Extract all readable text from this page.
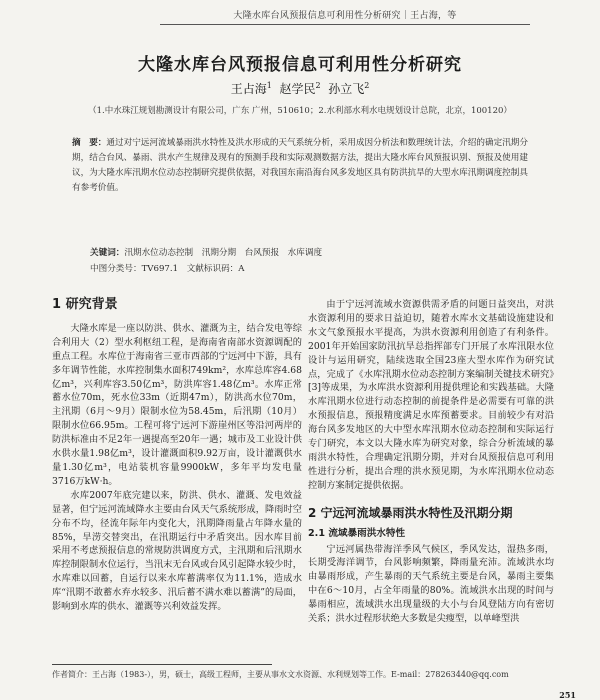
大隆水库台风预报信息可利用性分析研究｜王占海，等
大隆水库台风预报信息可利用性分析研究
王占海$^1$ 赵学民$^2$ 孙立飞$^2$
（1.中水珠江规划勘测设计有限公司，广东 广州，510610；2.水利部水利水电规划设计总院，北京，100120）
摘　要：通过对宁远河流域暴雨洪水特性及洪水形成的天气系统分析，采用成因分析法和数理统计法，介绍的确定汛期分期，结合台风、暴雨、洪水产生规律及现有的预测手段和实际观测数据方法，提出大隆水库台风预报识别、预报及使用建议，为大隆水库汛期水位动态控制研究提供依据，对我国东南沿海台风多发地区具有防洪抗旱的大型水库汛期调度控制具有参考价值。
关键词：汛期水位动态控制　汛期分期　台风预报　水库调度
中图分类号：TV697.1　文献标识码：A
1 研究背景

大隆水库是一座以防洪、供水、灌溉为主，结合发电等综合利用大（2）型水利枢纽工程，是海南省南部水资源调配的重点工程。水库位于海南省三亚市西部的宁远河中下游，具有多年调节性能，水库控制集水面积749km²，水库总库容4.68亿m³，兴利库容3.50亿m³，防洪库容1.48亿m³。水库正常蓄水位70m，死水位33m（近期47m），防洪高水位70m，主汛期（6月～9月）限制水位为58.45m，后汛期（10月）限制水位66.95m。工程可将宁远河下游崖州区等沿河两岸的防洪标准由不足2年一遇提高至20年一遇；城市及工业设计供水供水量1.98亿m³，设计灌溉面积9.92万亩，设计灌溉供水量1.30亿m³，电站装机容量9900kW，多年平均发电量3716万kW·h。

水库2007年底完建以来，防洪、供水、灌溉、发电效益显著，但宁远河流域降水主要由台风天气系统形成，降雨时空分布不均，径流年际年内变化大，汛期降雨量占年降水量的85%，旱涝交替突出，在汛期运行中矛盾突出。因水库目前采用不考虑预报信息的常规防洪调度方式，主汛期和后汛期水库控制限制水位运行，当汛末无台风或台风引起降水较少时，水库难以回蓄，自运行以来水库蓄满率仅为11.1%，造成水库“汛期不敢蓄水弃水较多、汛后蓄不满水难以蓄满”的局面，影响到水库的供水、灌溉等兴利效益发挥。

由于宁远河流域水资源供需矛盾的问题日益突出，对洪水资源利用的要求日益迫切，随着水库水文基础设施建设和水文气象预报水平提高，为洪水资源利用创造了有利条件。2001年开始国家防汛抗旱总指挥部专门开展了水库汛限水位设计与运用研究，陆续选取全国23座大型水库作为研究试点，完成了《水库汛期水位动态控制方案编制关键技术研究》[3]等成果，为水库洪水资源利用提供理论和实践基础。大隆水库汛期水位进行动态控制的前提条件是必需要有可靠的洪水预报信息，预报精度满足水库预蓄要求。目前较少有对沿海台风多发地区的大中型水库汛期水位动态控制和实际运行专门研究，本文以大隆水库为研究对象，综合分析流域的暴雨洪水特性，合理确定汛期分期，并对台风预报信息可利用性进行分析，提出合理的洪水预见期，为水库汛期水位动态控制方案制定提供依据。

2 宁远河流域暴雨洪水特性及汛期分期
2.1 流域暴雨洪水特性

宁远河属热带海洋季风气候区，季风发达，湿热多雨，长期受海洋调节，台风影响频繁，降雨量充沛。流域洪水均由暴雨形成，产生暴雨的天气系统主要是台风，暴雨主要集中在6～10月，占全年雨量的80%。流域洪水出现的时间与暴雨相应，流域洪水出现量级的大小与台风登陆方向有密切关系；洪水过程形状绝大多数是尖瘦型，以单峰型洪

作者简介：王占海（1983-），男，硕士，高级工程师，主要从事水文水资源、水利规划等工作。E-mail：278263440@qq.com
251
